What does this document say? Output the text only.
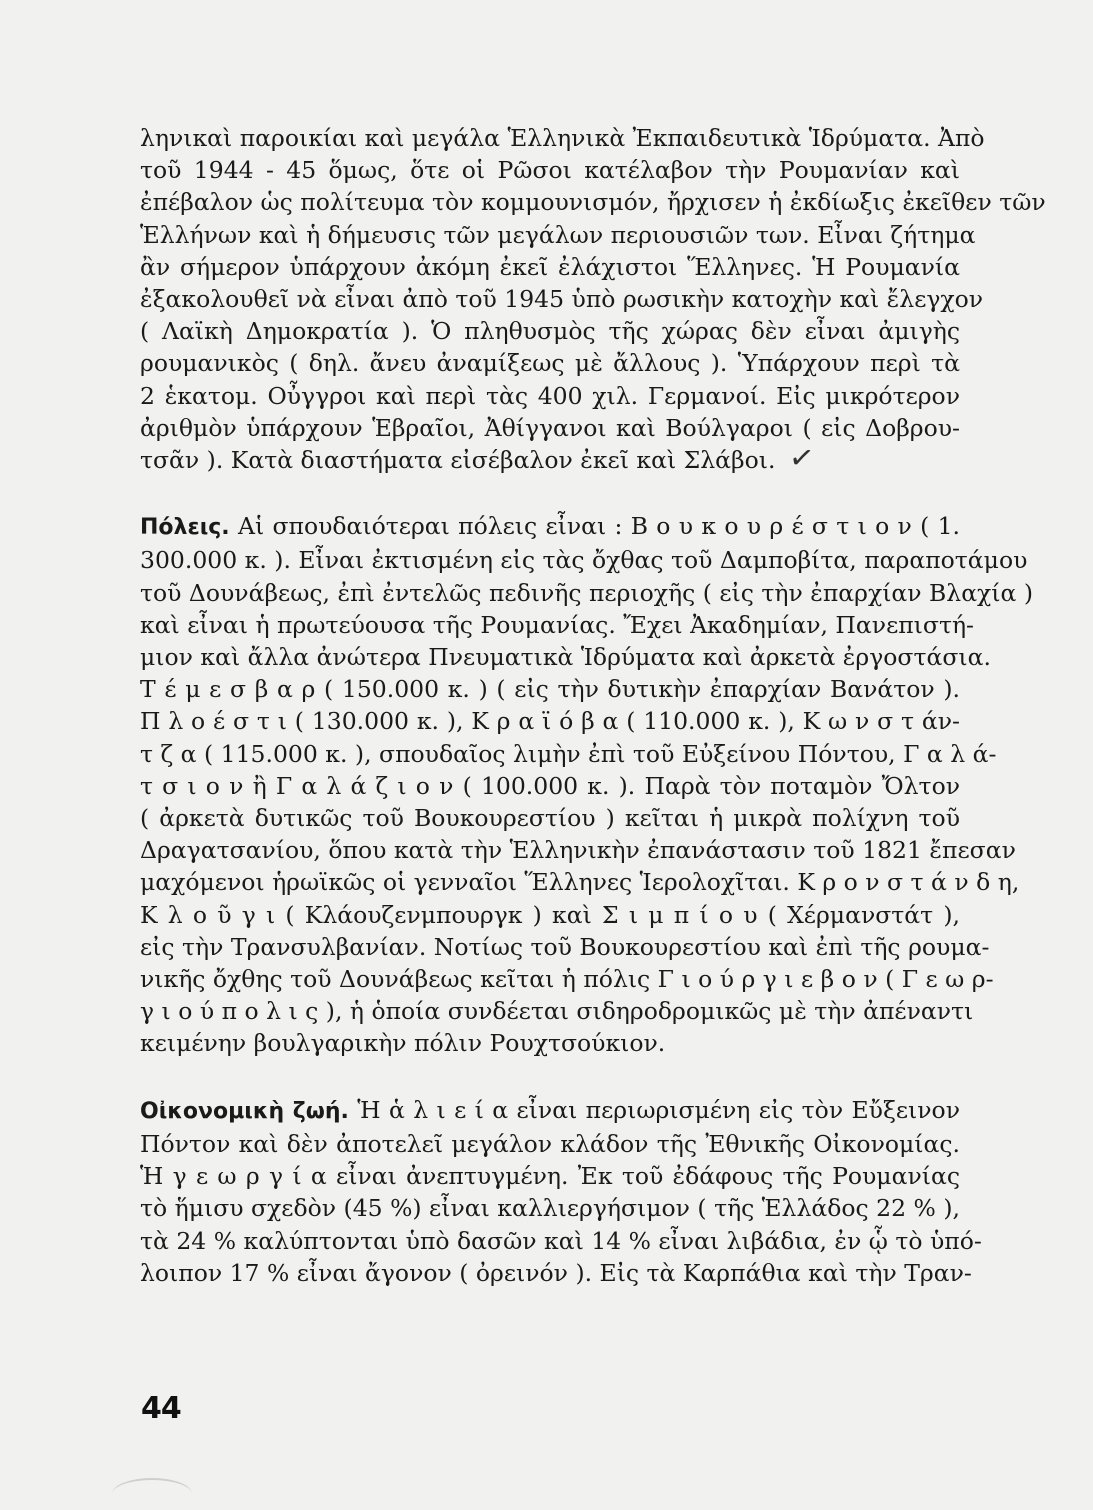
ληνικαὶ παροικίαι καὶ μεγάλα Ἑλληνικὰ Ἐκπαιδευτικὰ Ἱδρύματα. Ἀπὸ
τοῦ 1944 - 45 ὅμως, ὅτε οἱ Ρῶσοι κατέλαβον τὴν Ρουμανίαν καὶ
ἐπέβαλον ὡς πολίτευμα τὸν κομμουνισμόν, ἤρχισεν ἡ ἐκδίωξις ἐκεῖθεν τῶν
Ἑλλήνων καὶ ἡ δήμευσις τῶν μεγάλων περιουσιῶν των. Εἶναι ζήτημα
ἂν σήμερον ὑπάρχουν ἀκόμη ἐκεῖ ἐλάχιστοι Ἕλληνες. Ἡ Ρουμανία
ἐξακολουθεῖ νὰ εἶναι ἀπὸ τοῦ 1945 ὑπὸ ρωσικὴν κατοχὴν καὶ ἔλεγχον
( Λαϊκὴ Δημοκρατία ). Ὁ πληθυσμὸς τῆς χώρας δὲν εἶναι ἀμιγὴς
ρουμανικὸς ( δηλ. ἄνευ ἀναμίξεως μὲ ἄλλους ). Ὑπάρχουν περὶ τὰ
2 ἑκατομ. Οὖγγροι καὶ περὶ τὰς 400 χιλ. Γερμανοί. Εἰς μικρότερον
ἀριθμὸν ὑπάρχουν Ἑβραῖοι, Ἀθίγγανοι καὶ Βούλγαροι ( εἰς Δοβρου-
τσᾶν ). Κατὰ διαστήματα εἰσέβαλον ἐκεῖ καὶ Σλάβοι. ✓
Πόλεις. Αἱ σπουδαιότεραι πόλεις εἶναι : Β ο υ κ ο υ ρ έ σ τ ι ο ν ( 1.
300.000 κ. ). Εἶναι ἐκτισμένη εἰς τὰς ὄχθας τοῦ Δαμποβίτα, παραποτάμου
τοῦ Δουνάβεως, ἐπὶ ἐντελῶς πεδινῆς περιοχῆς ( εἰς τὴν ἐπαρχίαν Βλαχία )
καὶ εἶναι ἡ πρωτεύουσα τῆς Ρουμανίας. Ἔχει Ἀκαδημίαν, Πανεπιστή-
μιον καὶ ἄλλα ἀνώτερα Πνευματικὰ Ἱδρύματα καὶ ἀρκετὰ ἐργοστάσια.
Τ έ μ ε σ β α ρ ( 150.000 κ. ) ( εἰς τὴν δυτικὴν ἐπαρχίαν Βανάτον ).
Π λ ο έ σ τ ι ( 130.000 κ. ), Κ ρ α ϊ ό β α ( 110.000 κ. ), Κ ω ν σ τ άν-
τ ζ α ( 115.000 κ. ), σπουδαῖος λιμὴν ἐπὶ τοῦ Εὐξείνου Πόντου, Γ α λ ά-
τ σ ι ο ν ἢ Γ α λ ά ζ ι ο ν ( 100.000 κ. ). Παρὰ τὸν ποταμὸν Ὄλτον
( ἀρκετὰ δυτικῶς τοῦ Βουκουρεστίου ) κεῖται ἡ μικρὰ πολίχνη τοῦ
Δραγατσανίου, ὅπου κατὰ τὴν Ἑλληνικὴν ἐπανάστασιν τοῦ 1821 ἔπεσαν
μαχόμενοι ἡρωϊκῶς οἱ γενναῖοι Ἕλληνες Ἱερολοχῖται. Κ ρ ο ν σ τ ά ν δ η,
Κ λ ο ῦ γ ι ( Κλάουζενμπουργκ ) καὶ Σ ι μ π ί ο υ ( Χέρμανστάτ ),
εἰς τὴν Τρανσυλβανίαν. Νοτίως τοῦ Βουκουρεστίου καὶ ἐπὶ τῆς ρουμα-
νικῆς ὄχθης τοῦ Δουνάβεως κεῖται ἡ πόλις Γ ι ο ύ ρ γ ι ε β ο ν ( Γ ε ω ρ-
γ ι ο ύ π ο λ ι ς ), ἡ ὁποία συνδέεται σιδηροδρομικῶς μὲ τὴν ἀπέναντι
κειμένην βουλγαρικὴν πόλιν Ρουχτσούκιον.
Οἰκονομικὴ ζωή. Ἡ ἁ λ ι ε ί α εἶναι περιωρισμένη εἰς τὸν Εὔξεινον
Πόντον καὶ δὲν ἀποτελεῖ μεγάλον κλάδον τῆς Ἐθνικῆς Οἰκονομίας.
Ἡ γ ε ω ρ γ ί α εἶναι ἀνεπτυγμένη. Ἐκ τοῦ ἐδάφους τῆς Ρουμανίας
τὸ ἥμισυ σχεδὸν (45 %) εἶναι καλλιεργήσιμον ( τῆς Ἑλλάδος 22 % ),
τὰ 24 % καλύπτονται ὑπὸ δασῶν καὶ 14 % εἶναι λιβάδια, ἐν ᾧ τὸ ὑπό-
λοιπον 17 % εἶναι ἄγονον ( ὀρεινόν ). Εἰς τὰ Καρπάθια καὶ τὴν Τραν-
44
